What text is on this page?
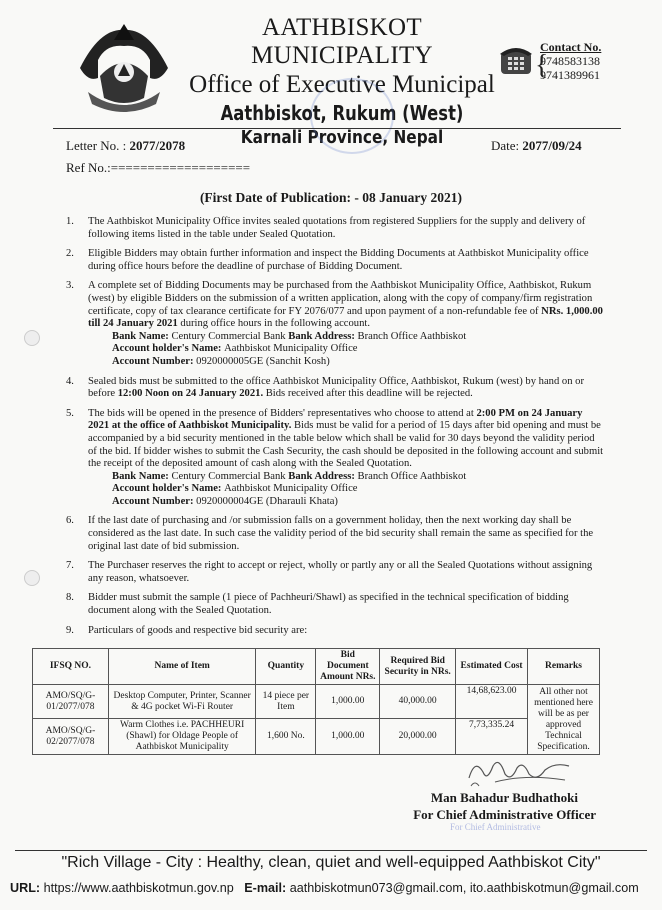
AATHBISKOT MUNICIPALITY
Office of Executive Municipal
Aathbiskot, Rukum (West)
Karnali Province, Nepal
{
Contact No.
9748583138
9741389961
Letter No. : 2077/2078	Date: 2077/09/24
Ref No.:===================
(First Date of Publication: - 08 January 2021)
1. The Aathbiskot Municipality Office invites sealed quotations from registered Suppliers for the supply and delivery of following items listed in the table under Sealed Quotation.
2. Eligible Bidders may obtain further information and inspect the Bidding Documents at Aathbiskot Municipality office during office hours before the deadline of purchase of Bidding Document.
3. A complete set of Bidding Documents may be purchased from the Aathbiskot Municipality Office, Aathbiskot, Rukum (west) by eligible Bidders on the submission of a written application, along with the copy of company/firm registration certificate, copy of tax clearance certificate for FY 2076/077 and upon payment of a non-refundable fee of NRs. 1,000.00 till 24 January 2021 during office hours in the following account.
Bank Name: Century Commercial Bank Bank Address: Branch Office Aathbiskot
Account holder's Name: Aathbiskot Municipality Office
Account Number: 0920000005GE (Sanchit Kosh)
4. Sealed bids must be submitted to the office Aathbiskot Municipality Office, Aathbiskot, Rukum (west) by hand on or before 12:00 Noon on 24 January 2021. Bids received after this deadline will be rejected.
5. The bids will be opened in the presence of Bidders' representatives who choose to attend at 2:00 PM on 24 January 2021 at the office of Aathbiskot Municipality. Bids must be valid for a period of 15 days after bid opening and must be accompanied by a bid security mentioned in the table below which shall be valid for 30 days beyond the validity period of the bid. If bidder wishes to submit the Cash Security, the cash should be deposited in the following account and submit the receipt of the deposited amount of cash along with the Sealed Quotation.
Bank Name: Century Commercial Bank Bank Address: Branch Office Aathbiskot
Account holder's Name: Aathbiskot Municipality Office
Account Number: 0920000004GE (Dharauli Khata)
6. If the last date of purchasing and /or submission falls on a government holiday, then the next working day shall be considered as the last date. In such case the validity period of the bid security shall remain the same as specified for the original last date of bid submission.
7. The Purchaser reserves the right to accept or reject, wholly or partly any or all the Sealed Quotations without assigning any reason, whatsoever.
8. Bidder must submit the sample (1 piece of Pachheuri/Shawl) as specified in the technical specification of bidding document along with the Sealed Quotation.
9. Particulars of goods and respective bid security are:
IFSQ NO.	Name of Item	Quantity	Bid Document Amount NRs.	Required Bid Security in NRs.	Estimated Cost	Remarks
AMO/SQ/G-01/2077/078	Desktop Computer, Printer, Scanner & 4G pocket Wi-Fi Router	14 piece per Item	1,000.00	40,000.00	14,68,623.00	All other not mentioned here will be as per approved Technical Specification.
AMO/SQ/G-02/2077/078	Warm Clothes i.e. PACHHEURI (Shawl) for Oldage People of Aathbiskot Municipality	1,600 No.	1,000.00	20,000.00	7,73,335.24	
Man Bahadur Budhathoki
For Chief Administrative Officer
For Chief Administrative
"Rich Village - City : Healthy, clean, quiet and well-equipped Aathbiskot City"
URL: https://www.aathbiskotmun.gov.np E-mail: aathbiskotmun073@gmail.com, ito.aathbiskotmun@gmail.com
